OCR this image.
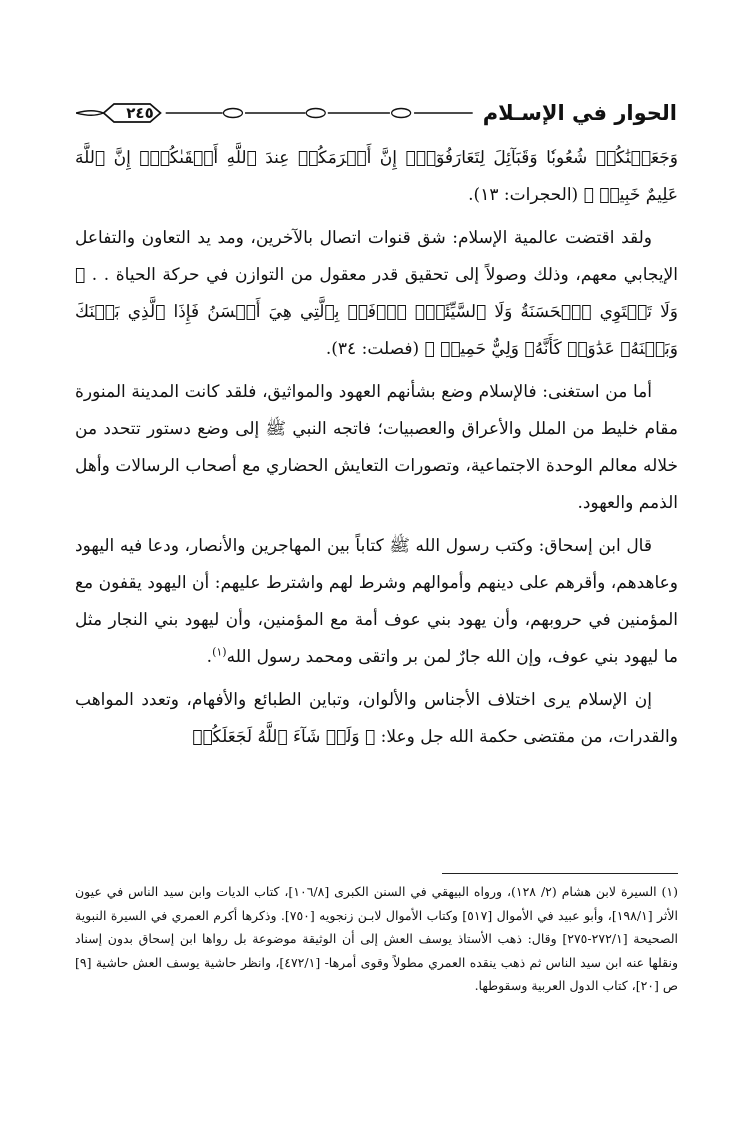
الحوار في الإسـلام
٢٤٥

وَجَعَلۡنَٰكُمۡ شُعُوبٗا وَقَبَآئِلَ لِتَعَارَفُوٓاْۚ إِنَّ أَكۡرَمَكُمۡ عِندَ ٱللَّهِ أَتۡقَىٰكُمۡۚ إِنَّ ٱللَّهَ عَلِيمٌ خَبِيرٞ ﴾ (الحجرات: ١٣).

ولقد اقتضت عالمية الإسلام: شق قنوات اتصال بالآخرين، ومد يد التعاون والتفاعل الإيجابي معهم، وذلك وصولاً إلى تحقيق قدر معقول من التوازن في حركة الحياة . . ﴿ وَلَا تَسۡتَوِي ٱلۡحَسَنَةُ وَلَا ٱلسَّيِّئَةُۚ ٱدۡفَعۡ بِٱلَّتِي هِيَ أَحۡسَنُ فَإِذَا ٱلَّذِي بَيۡنَكَ وَبَيۡنَهُۥ عَدَٰوَةٞ كَأَنَّهُۥ وَلِيٌّ حَمِيمٞ ﴾ (فصلت: ٣٤).

أما من استغنى: فالإسلام وضع بشأنهم العهود والمواثيق، فلقد كانت المدينة المنورة مقام خليط من الملل والأعراق والعصبيات؛ فاتجه النبي ﷺ إلى وضع دستور تتحدد من خلاله معالم الوحدة الاجتماعية، وتصورات التعايش الحضاري مع أصحاب الرسالات وأهل الذمم والعهود.

قال ابن إسحاق: وكتب رسول الله ﷺ كتاباً بين المهاجرين والأنصار، ودعا فيه اليهود وعاهدهم، وأقرهم على دينهم وأموالهم وشرط لهم واشترط عليهم: أن اليهود يقفون مع المؤمنين في حروبهم، وأن يهود بني عوف أمة مع المؤمنين، وأن ليهود بني النجار مثل ما ليهود بني عوف، وإن الله جارٌ لمن بر واتقى ومحمد رسول الله$^{(١)}$.

إن الإسلام يرى اختلاف الأجناس والألوان، وتباين الطبائع والأفهام، وتعدد المواهب والقدرات، من مقتضى حكمة الله جل وعلا: ﴿ وَلَوۡ شَآءَ ٱللَّهُ لَجَعَلَكُمۡ

(١) السيرة لابن هشام (٢/ ١٢٨)، ورواه البيهقي في السنن الكبرى [١٠٦/٨]، كتاب الديات وابن سيد الناس في عيون الأثر [١٩٨/١]، وأبو عبيد في الأموال [٥١٧] وكتاب الأموال لابـن زنجويه [٧٥٠]. وذكرها أكرم العمري في السيرة النبوية الصحيحة [٢٧٢/١-٢٧٥] وقال: ذهب الأستاذ يوسف العش إلى أن الوثيقة موضوعة بل رواها ابن إسحاق بدون إسناد ونقلها عنه ابن سيد الناس ثم ذهب ينقده العمري مطولاً وقوى أمرها- [٤٧٢/١]، وانظر حاشية يوسف العش حاشية [٩] ص [٢٠]، كتاب الدول العربية وسقوطها.
